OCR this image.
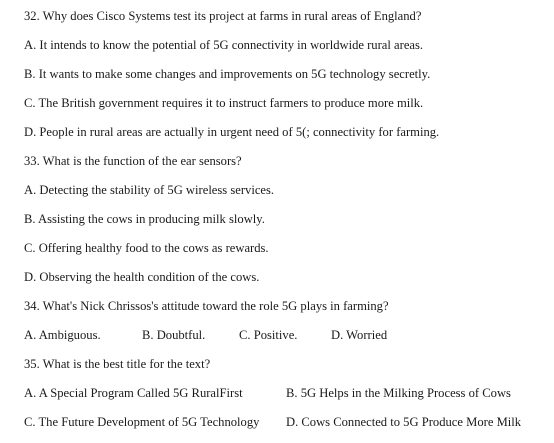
32. Why does Cisco Systems test its project at farms in rural areas of England?
A. It intends to know the potential of 5G connectivity in worldwide rural areas.
B. It wants to make some changes and improvements on 5G technology secretly.
C. The British government requires it to instruct farmers to produce more milk.
D. People in rural areas are actually in urgent need of 5(; connectivity for farming.
33. What is the function of the ear sensors?
A. Detecting the stability of 5G wireless services.
B. Assisting the cows in producing milk slowly.
C. Offering healthy food to the cows as rewards.
D. Observing the health condition of the cows.
34. What's Nick Chrissos's attitude toward the role 5G plays in farming?
A. Ambiguous.	B. Doubtful.	C. Positive.	D. Worried
35. What is the best title for the text?
A. A Special Program Called 5G RuralFirst	B. 5G Helps in the Milking Process of Cows
C. The Future Development of 5G Technology D. Cows Connected to 5G Produce More Milk
